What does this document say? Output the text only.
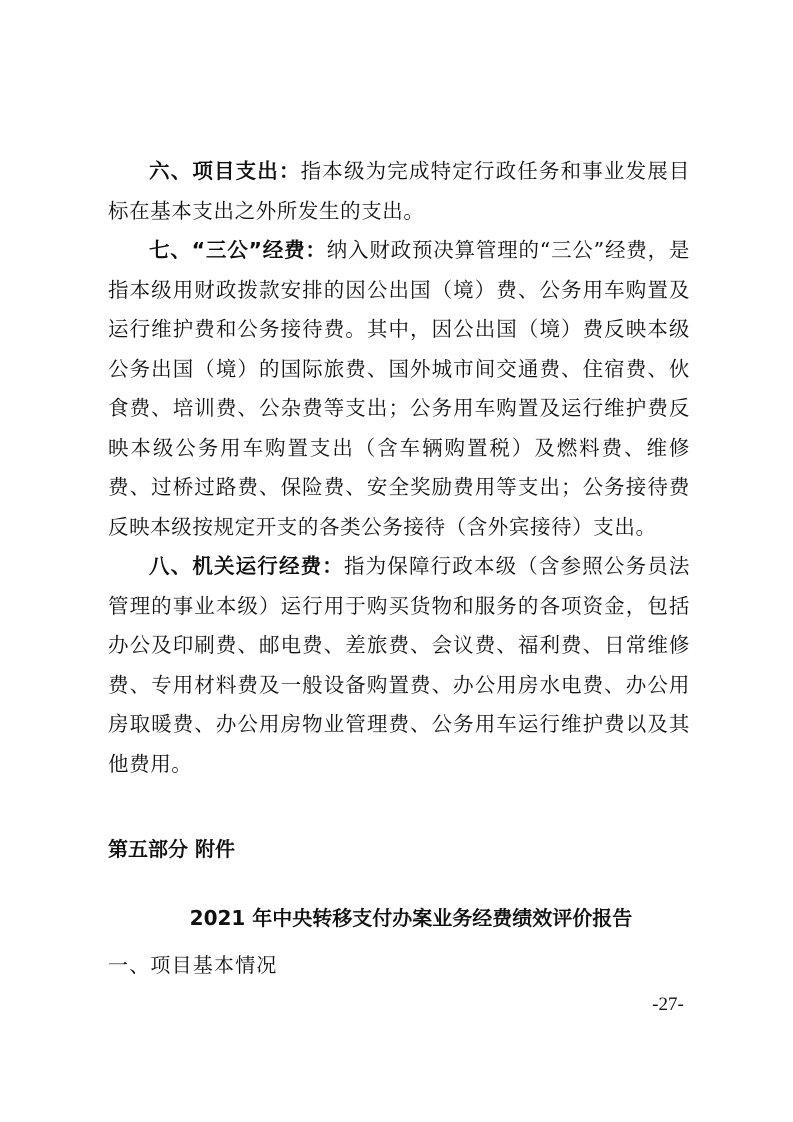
六、项目支出：指本级为完成特定行政任务和事业发展目标在基本支出之外所发生的支出。

七、“三公”经费：纳入财政预决算管理的“三公”经费，是指本级用财政拨款安排的因公出国（境）费、公务用车购置及运行维护费和公务接待费。其中，因公出国（境）费反映本级公务出国（境）的国际旅费、国外城市间交通费、住宿费、伙食费、培训费、公杂费等支出；公务用车购置及运行维护费反映本级公务用车购置支出（含车辆购置税）及燃料费、维修费、过桥过路费、保险费、安全奖励费用等支出；公务接待费反映本级按规定开支的各类公务接待（含外宾接待）支出。

八、机关运行经费：指为保障行政本级（含参照公务员法管理的事业本级）运行用于购买货物和服务的各项资金，包括办公及印刷费、邮电费、差旅费、会议费、福利费、日常维修费、专用材料费及一般设备购置费、办公用房水电费、办公用房取暖费、办公用房物业管理费、公务用车运行维护费以及其他费用。

第五部分 附件

2021 年中央转移支付办案业务经费绩效评价报告

一、项目基本情况

-27-
